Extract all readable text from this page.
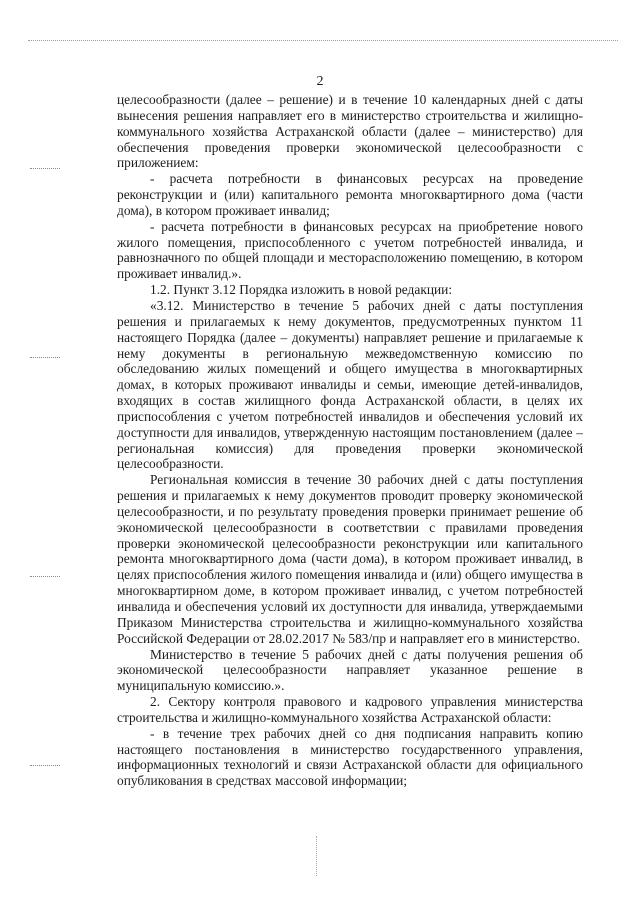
2

целесообразности (далее – решение) и в течение 10 календарных дней с даты вынесения решения направляет его в министерство строительства и жилищно-коммунального хозяйства Астраханской области (далее – министерство) для обеспечения проведения проверки экономической целесообразности с приложением:

- расчета потребности в финансовых ресурсах на проведение реконструкции и (или) капитального ремонта многоквартирного дома (части дома), в котором проживает инвалид;

- расчета потребности в финансовых ресурсах на приобретение нового жилого помещения, приспособленного с учетом потребностей инвалида, и равнозначного по общей площади и месторасположению помещению, в котором проживает инвалид.».

1.2. Пункт 3.12 Порядка изложить в новой редакции:

«3.12. Министерство в течение 5 рабочих дней с даты поступления решения и прилагаемых к нему документов, предусмотренных пунктом 11 настоящего Порядка (далее – документы) направляет решение и прилагаемые к нему документы в региональную межведомственную комиссию по обследованию жилых помещений и общего имущества в многоквартирных домах, в которых проживают инвалиды и семьи, имеющие детей-инвалидов, входящих в состав жилищного фонда Астраханской области, в целях их приспособления с учетом потребностей инвалидов и обеспечения условий их доступности для инвалидов, утвержденную настоящим постановлением (далее – региональная комиссия) для проведения проверки экономической целесообразности.

Региональная комиссия в течение 30 рабочих дней с даты поступления решения и прилагаемых к нему документов проводит проверку экономической целесообразности, и по результату проведения проверки принимает решение об экономической целесообразности в соответствии с правилами проведения проверки экономической целесообразности реконструкции или капитального ремонта многоквартирного дома (части дома), в котором проживает инвалид, в целях приспособления жилого помещения инвалида и (или) общего имущества в многоквартирном доме, в котором проживает инвалид, с учетом потребностей инвалида и обеспечения условий их доступности для инвалида, утверждаемыми Приказом Министерства строительства и жилищно-коммунального хозяйства Российской Федерации от 28.02.2017 № 583/пр и направляет его в министерство.

Министерство в течение 5 рабочих дней с даты получения решения об экономической целесообразности направляет указанное решение в муниципальную комиссию.».

2. Сектору контроля правового и кадрового управления министерства строительства и жилищно-коммунального хозяйства Астраханской области:

- в течение трех рабочих дней со дня подписания направить копию настоящего постановления в министерство государственного управления, информационных технологий и связи Астраханской области для официального опубликования в средствах массовой информации;
